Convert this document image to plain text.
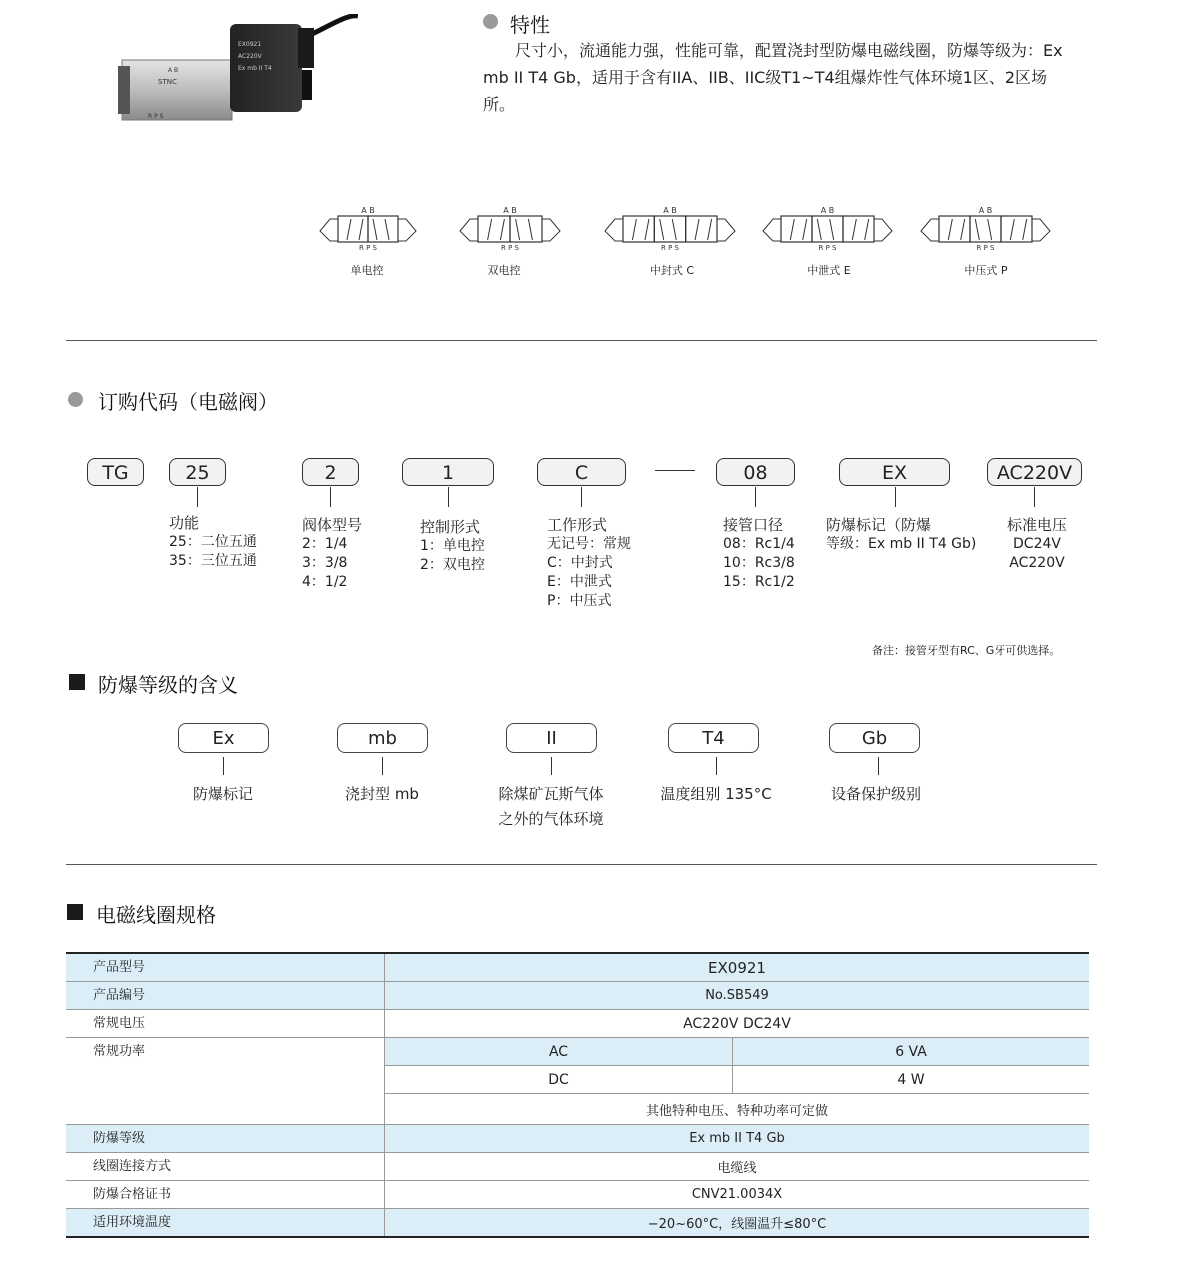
EX0921
AC220V
Ex mb II T4
STNC
A B
R P S
特性
尺寸小，流通能力强，性能可靠，配置浇封型防爆电磁线圈，防爆等级为：Ex mb II T4 Gb，适用于含有IIA、IIB、IIC级T1~T4组爆炸性气体环境1区、2区场所。
A B
R P S
单电控
A B
R P S
双电控
A B
R P S
中封式 C
A B
R P S
中泄式 E
A B
R P S
中压式 P
订购代码（电磁阀）
TG	25	2	1	C	08	EX	AC220V
功能
25：二位五通
35：三位五通
阀体型号
2：1/4
3：3/8
4：1/2
控制形式
1：单电控
2：双电控
工作形式
无记号：常规
C：中封式
E：中泄式
P：中压式
接管口径
08：Rc1/4
10：Rc3/8
15：Rc1/2
防爆标记（防爆
等级：Ex mb II T4 Gb)
标准电压
DC24V
AC220V
备注：接管牙型有RC、G牙可供选择。
防爆等级的含义
Ex	mb	II	T4	Gb
防爆标记	浇封型 mb	除煤矿瓦斯气体
之外的气体环境
温度组别 135°C	设备保护级别
电磁线圈规格
产品型号	EX0921	
产品编号	No.SB549	
常规电压	AC220V DC24V	
常规功率	AC	6 VA
	DC	4 W
	其他特种电压、特种功率可定做	
防爆等级	Ex mb II T4 Gb	
线圈连接方式	电缆线	
防爆合格证书	CNV21.0034X	
适用环境温度	−20~60°C，线圈温升≤80°C	
